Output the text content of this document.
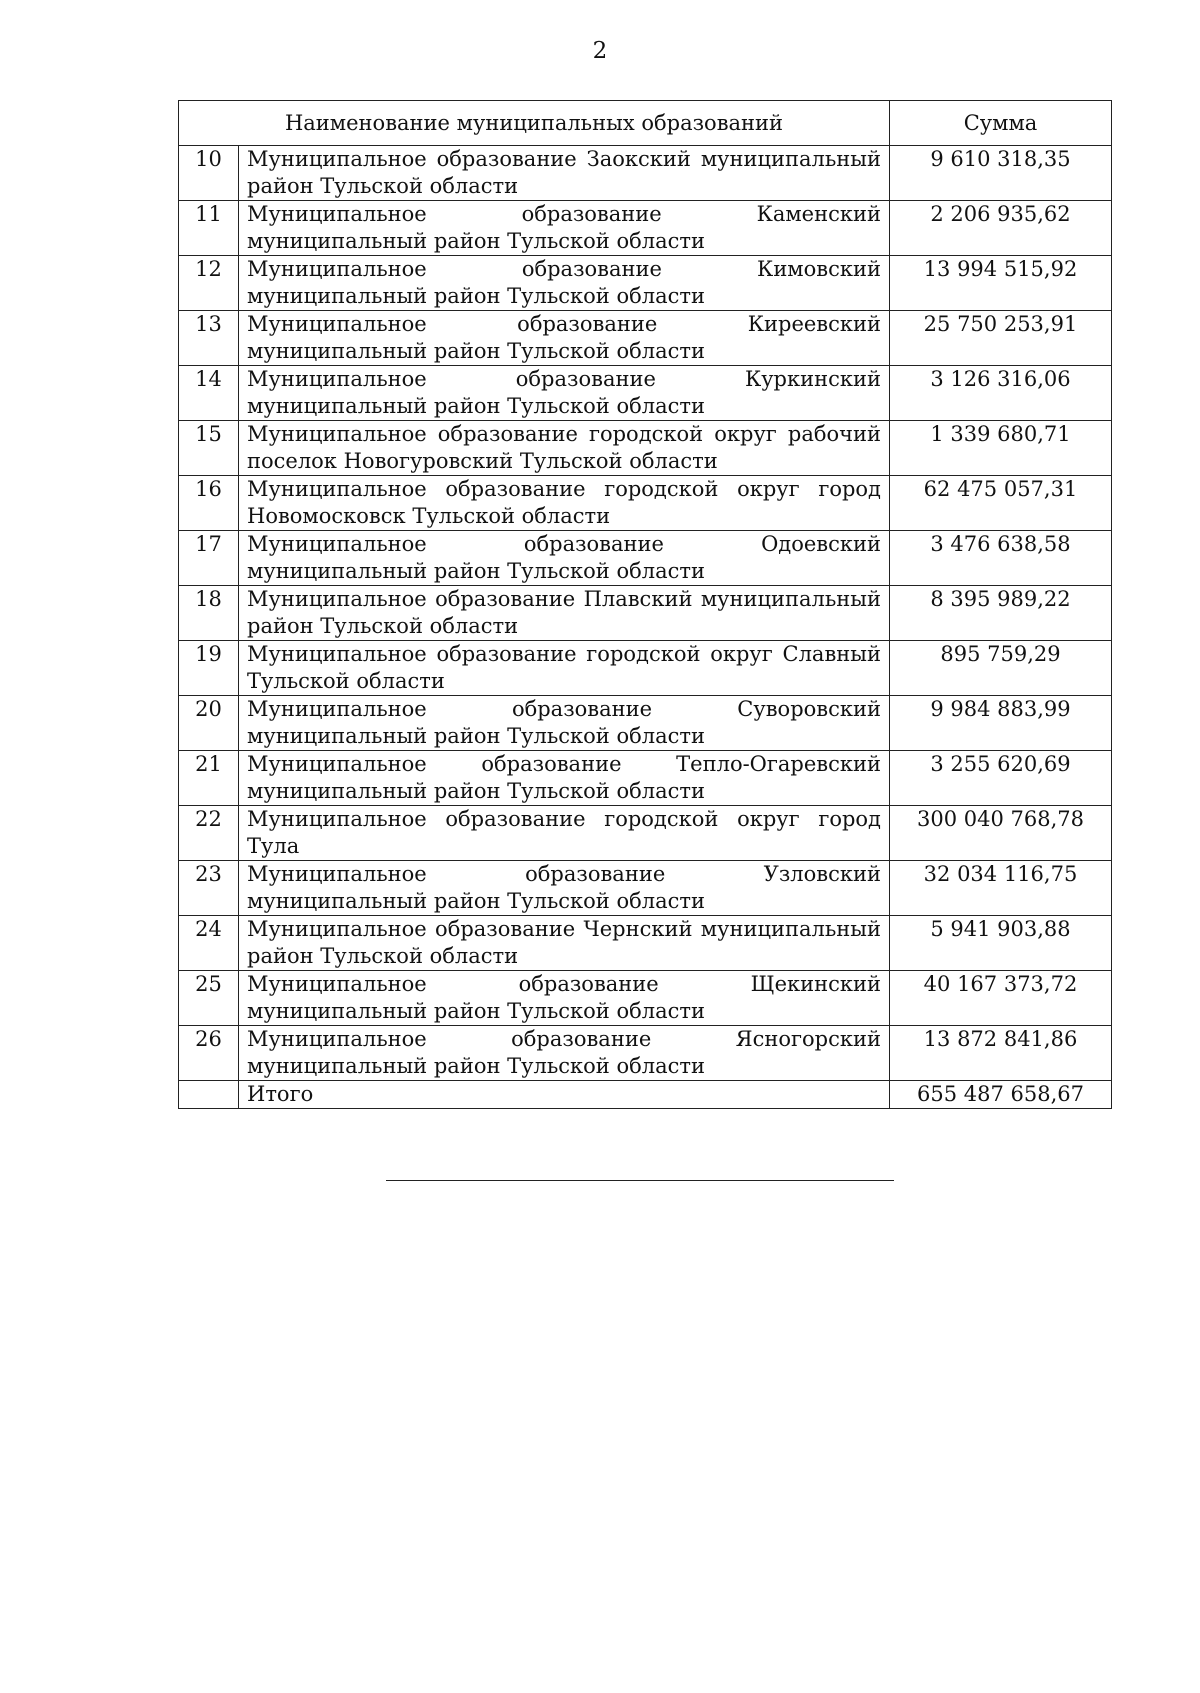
2
Наименование муниципальных образований		Сумма
10	Муниципальное образование Заокский муниципальный район Тульской области	9 610 318,35
11	Муниципальное образование Каменский муниципальный район Тульской области	2 206 935,62
12	Муниципальное образование Кимовский муниципальный район Тульской области	13 994 515,92
13	Муниципальное образование Киреевский муниципальный район Тульской области	25 750 253,91
14	Муниципальное образование Куркинский муниципальный район Тульской области	3 126 316,06
15	Муниципальное образование городской округ рабочий поселок Новогуровский Тульской области	1 339 680,71
16	Муниципальное образование городской округ город Новомосковск Тульской области	62 475 057,31
17	Муниципальное образование Одоевский муниципальный район Тульской области	3 476 638,58
18	Муниципальное образование Плавский муниципальный район Тульской области	8 395 989,22
19	Муниципальное образование городской округ Славный Тульской области	895 759,29
20	Муниципальное образование Суворовский муниципальный район Тульской области	9 984 883,99
21	Муниципальное образование Тепло-Огаревский муниципальный район Тульской области	3 255 620,69
22	Муниципальное образование городской округ город Тула	300 040 768,78
23	Муниципальное образование Узловский муниципальный район Тульской области	32 034 116,75
24	Муниципальное образование Чернский муниципальный район Тульской области	5 941 903,88
25	Муниципальное образование Щекинский муниципальный район Тульской области	40 167 373,72
26	Муниципальное образование Ясногорский муниципальный район Тульской области	13 872 841,86
	Итого	655 487 658,67
